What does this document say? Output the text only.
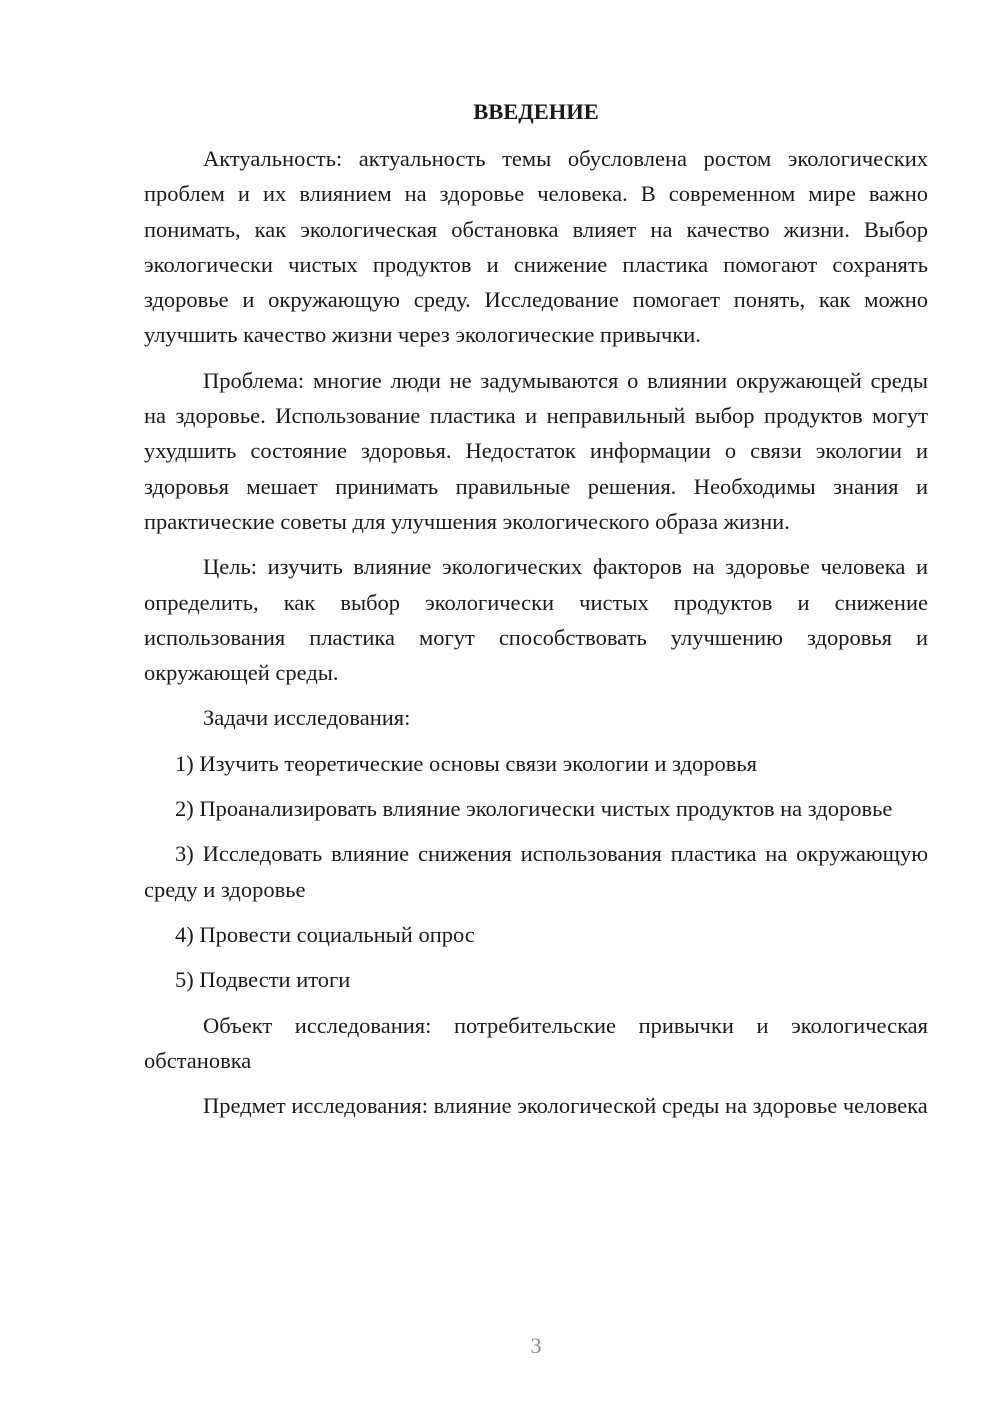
ВВЕДЕНИЕ

Актуальность: актуальность темы обусловлена ростом экологических проблем и их влиянием на здоровье человека. В современном мире важно понимать, как экологическая обстановка влияет на качество жизни. Выбор экологически чистых продуктов и снижение пластика помогают сохранять здоровье и окружающую среду. Исследование помогает понять, как можно улучшить качество жизни через экологические привычки.

Проблема: многие люди не задумываются о влиянии окружающей среды на здоровье. Использование пластика и неправильный выбор продуктов могут ухудшить состояние здоровья. Недостаток информации о связи экологии и здоровья мешает принимать правильные решения. Необходимы знания и практические советы для улучшения экологического образа жизни.

Цель: изучить влияние экологических факторов на здоровье человека и определить, как выбор экологически чистых продуктов и снижение использования пластика могут способствовать улучшению здоровья и окружающей среды.

Задачи исследования:

1) Изучить теоретические основы связи экологии и здоровья

2) Проанализировать влияние экологически чистых продуктов на здоровье

3) Исследовать влияние снижения использования пластика на окружающую среду и здоровье

4) Провести социальный опрос

5) Подвести итоги

Объект исследования: потребительские привычки и экологическая обстановка

Предмет исследования: влияние экологической среды на здоровье человека

3
